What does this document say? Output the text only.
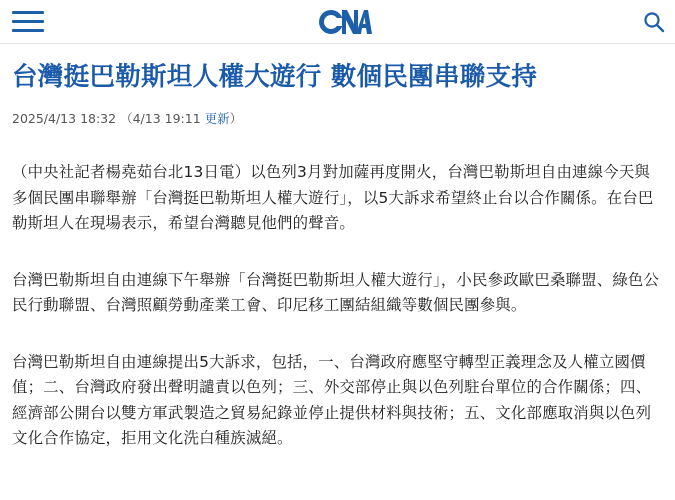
CNA
台灣挺巴勒斯坦人權大遊行 數個民團串聯支持
2025/4/13 18:32 （4/13 19:11 更新）

（中央社記者楊堯茹台北13日電）以色列3月對加薩再度開火，台灣巴勒斯坦自由連線今天與多個民團串聯舉辦「台灣挺巴勒斯坦人權大遊行」，以5大訴求希望終止台以合作關係。在台巴勒斯坦人在現場表示，希望台灣聽見他們的聲音。

台灣巴勒斯坦自由連線下午舉辦「台灣挺巴勒斯坦人權大遊行」，小民參政歐巴桑聯盟、綠色公民行動聯盟、台灣照顧勞動產業工會、印尼移工團結組織等數個民團參與。

台灣巴勒斯坦自由連線提出5大訴求，包括，一、台灣政府應堅守轉型正義理念及人權立國價值；二、台灣政府發出聲明譴責以色列；三、外交部停止與以色列駐台單位的合作關係；四、經濟部公開台以雙方軍武製造之貿易紀錄並停止提供材料與技術；五、文化部應取消與以色列文化合作協定，拒用文化洗白種族滅絕。
